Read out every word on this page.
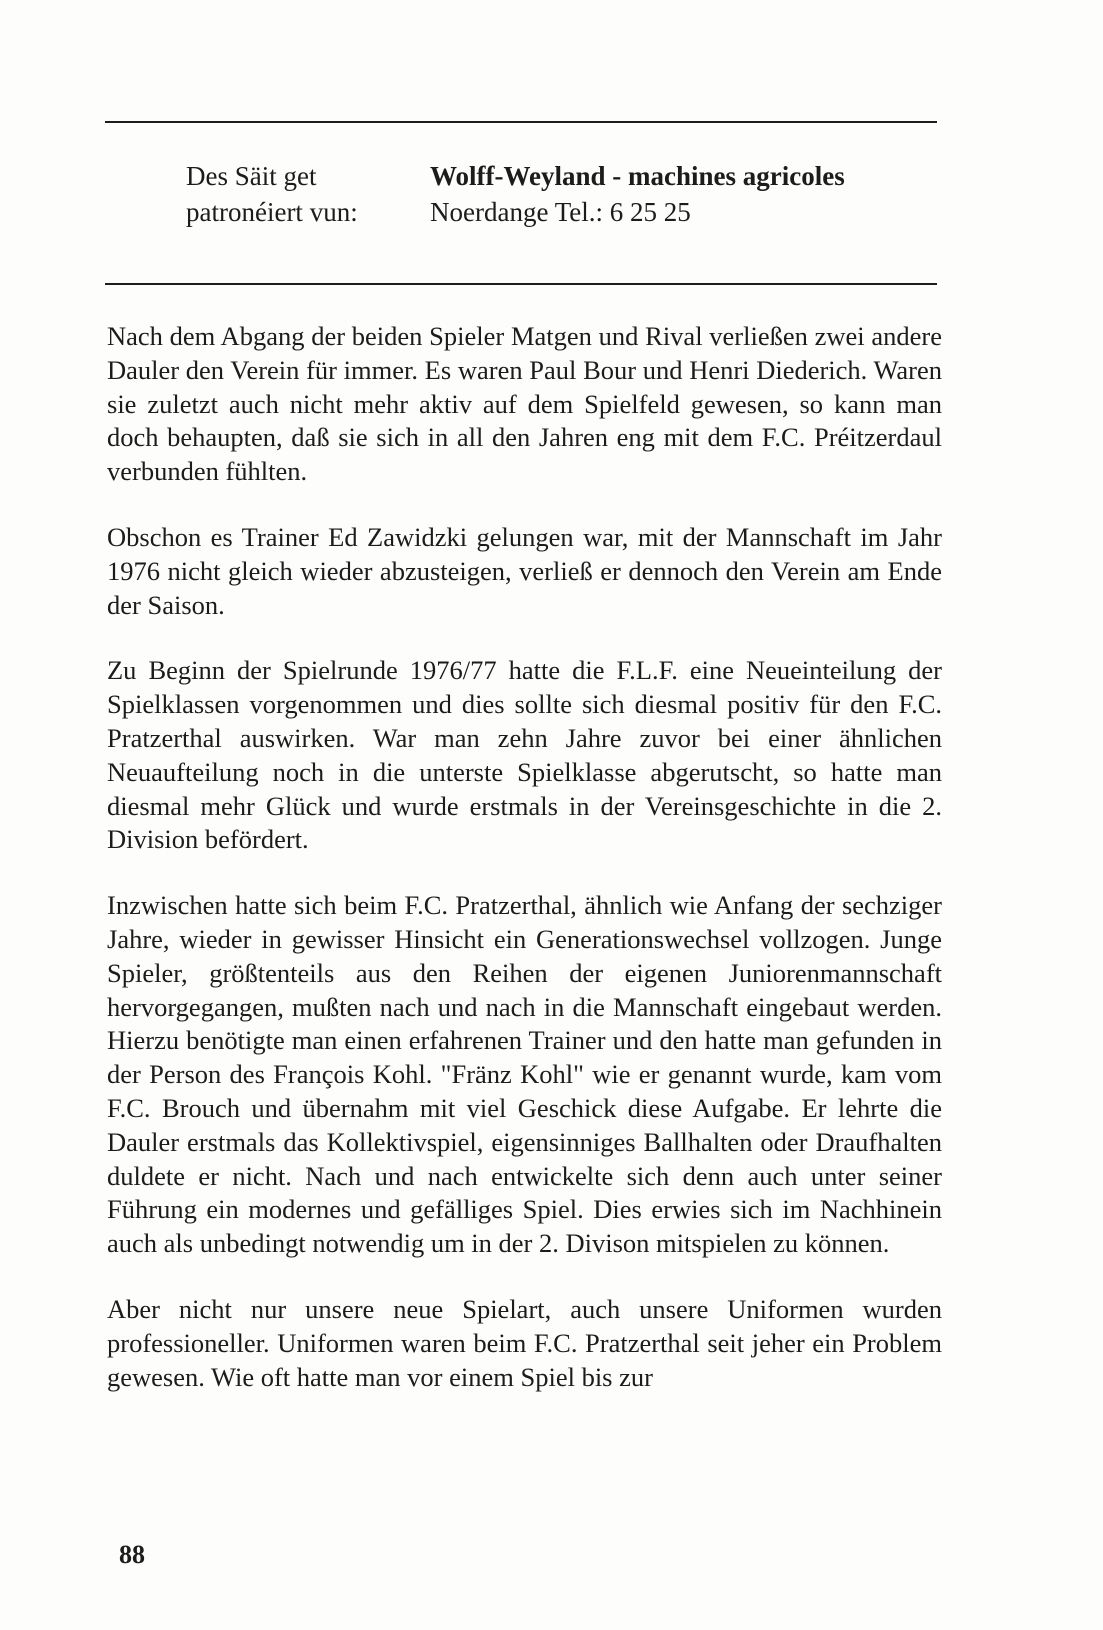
Des Säit get	Wolff-Weyland - machines agricoles
patronéiert vun:	Noerdange Tel.: 6 25 25

Nach dem Abgang der beiden Spieler Matgen und Rival verließen zwei andere Dauler den Verein für immer. Es waren Paul Bour und Henri Diederich. Waren sie zuletzt auch nicht mehr aktiv auf dem Spielfeld gewesen, so kann man doch behaupten, daß sie sich in all den Jahren eng mit dem F.C. Préitzerdaul verbunden fühlten.

Obschon es Trainer Ed Zawidzki gelungen war, mit der Mannschaft im Jahr 1976 nicht gleich wieder abzusteigen, verließ er dennoch den Verein am Ende der Saison.

Zu Beginn der Spielrunde 1976/77 hatte die F.L.F. eine Neueinteilung der Spielklassen vorgenommen und dies sollte sich diesmal positiv für den F.C. Pratzerthal auswirken. War man zehn Jahre zuvor bei einer ähnlichen Neuaufteilung noch in die unterste Spielklasse abgerutscht, so hatte man diesmal mehr Glück und wurde erstmals in der Vereinsgeschichte in die 2. Division befördert.

Inzwischen hatte sich beim F.C. Pratzerthal, ähnlich wie Anfang der sechziger Jahre, wieder in gewisser Hinsicht ein Generationswechsel vollzogen. Junge Spieler, größtenteils aus den Reihen der eigenen Juniorenmannschaft hervorgegangen, mußten nach und nach in die Mannschaft eingebaut werden. Hierzu benötigte man einen erfahrenen Trainer und den hatte man gefunden in der Person des François Kohl. "Fränz Kohl" wie er genannt wurde, kam vom F.C. Brouch und übernahm mit viel Geschick diese Aufgabe. Er lehrte die Dauler erstmals das Kollektivspiel, eigensinniges Ballhalten oder Draufhalten duldete er nicht. Nach und nach entwickelte sich denn auch unter seiner Führung ein modernes und gefälliges Spiel. Dies erwies sich im Nachhinein auch als unbedingt notwendig um in der 2. Divison mitspielen zu können.

Aber nicht nur unsere neue Spielart, auch unsere Uniformen wurden professioneller. Uniformen waren beim F.C. Pratzerthal seit jeher ein Problem gewesen. Wie oft hatte man vor einem Spiel bis zur

88
